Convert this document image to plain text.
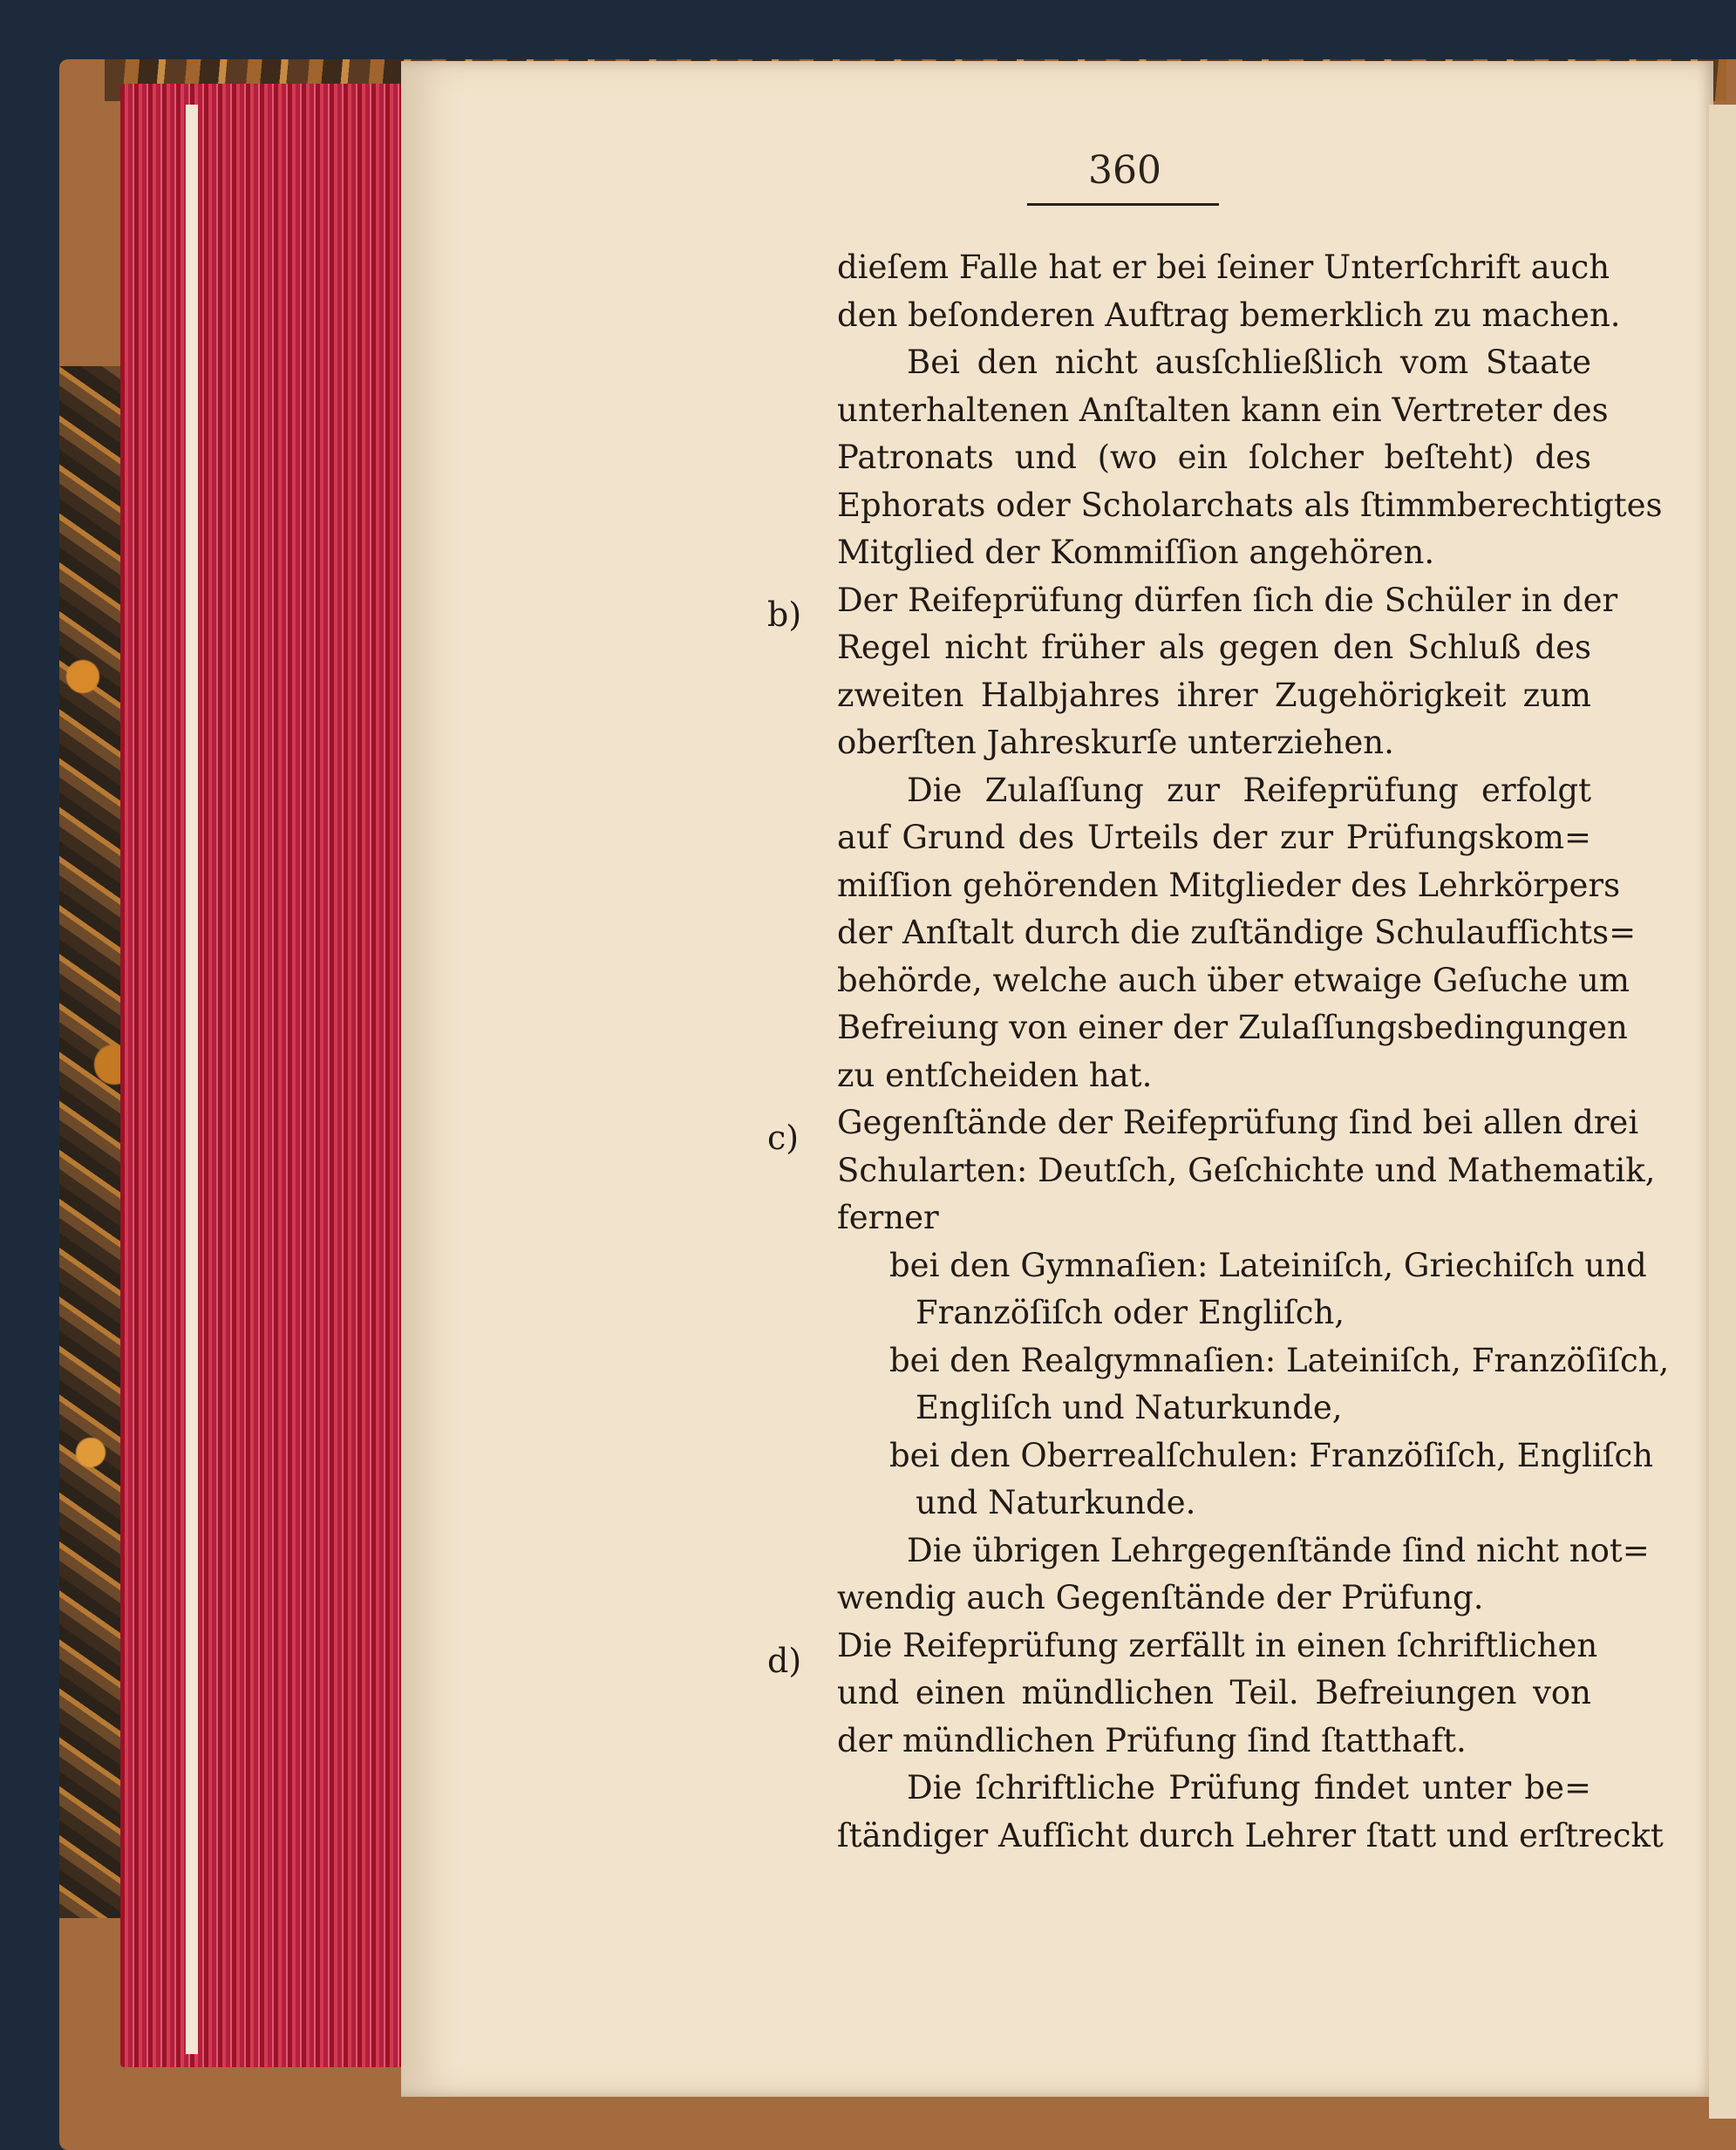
360
b)
c)
d)
dieſem Falle hat er bei ſeiner Unterſchrift auch
den beſonderen Auftrag bemerklich zu machen.
Bei den nicht ausſchließlich vom Staate
unterhaltenen Anſtalten kann ein Vertreter des
Patronats und (wo ein ſolcher beſteht) des
Ephorats oder Scholarchats als ſtimmberechtigtes
Mitglied der Kommiſſion angehören.
Der Reifeprüfung dürfen ſich die Schüler in der
Regel nicht früher als gegen den Schluß des
zweiten Halbjahres ihrer Zugehörigkeit zum
oberſten Jahreskurſe unterziehen.
Die Zulaſſung zur Reifeprüfung erfolgt
auf Grund des Urteils der zur Prüfungskom=
miſſion gehörenden Mitglieder des Lehrkörpers
der Anſtalt durch die zuſtändige Schulaufſichts=
behörde, welche auch über etwaige Geſuche um
Befreiung von einer der Zulaſſungsbedingungen
zu entſcheiden hat.
Gegenſtände der Reifeprüfung ſind bei allen drei
Schularten: Deutſch, Geſchichte und Mathematik,
ferner
bei den Gymnaſien: Lateiniſch, Griechiſch und
Franzöſiſch oder Engliſch,
bei den Realgymnaſien: Lateiniſch, Franzöſiſch,
Engliſch und Naturkunde,
bei den Oberrealſchulen: Franzöſiſch, Engliſch
und Naturkunde.
Die übrigen Lehrgegenſtände ſind nicht not=
wendig auch Gegenſtände der Prüfung.
Die Reifeprüfung zerfällt in einen ſchriftlichen
und einen mündlichen Teil. Befreiungen von
der mündlichen Prüfung ſind ſtatthaft.
Die ſchriftliche Prüfung findet unter be=
ſtändiger Aufſicht durch Lehrer ſtatt und erſtreckt
